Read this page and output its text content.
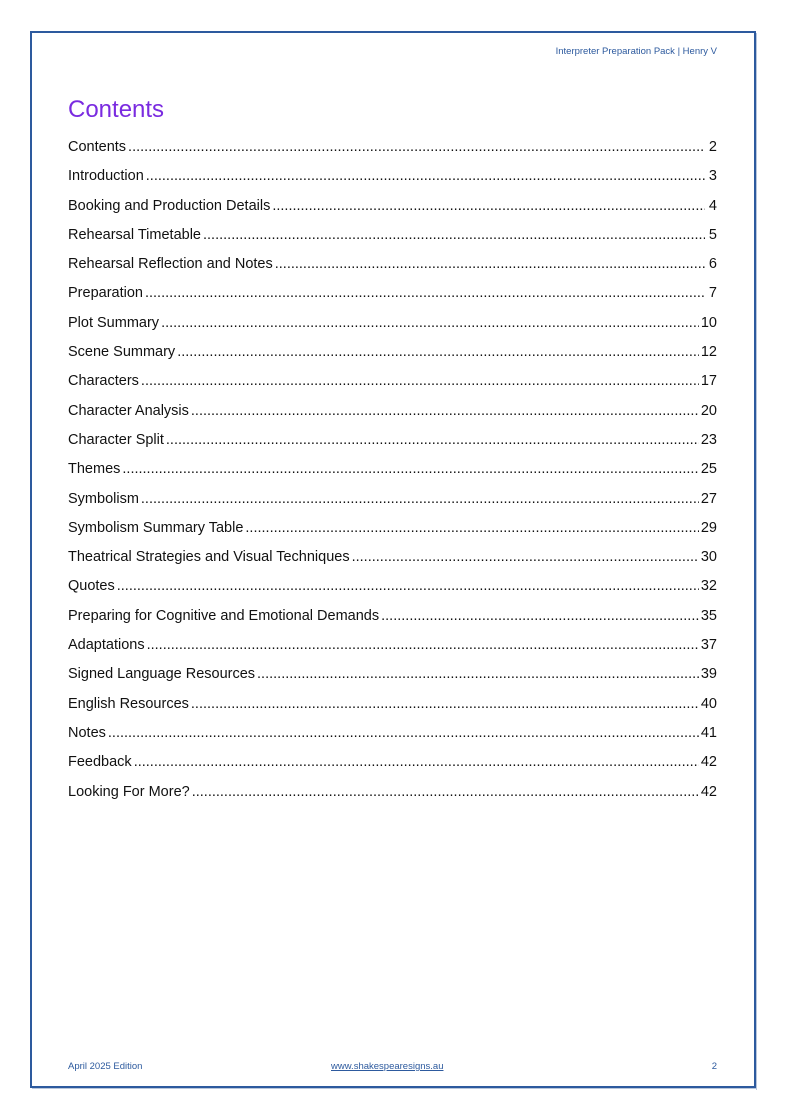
Interpreter Preparation Pack | Henry V
Contents
Contents .....	2
Introduction .....	3
Booking and Production Details .....	4
Rehearsal Timetable .....	5
Rehearsal Reflection and Notes .....	6
Preparation .....	7
Plot Summary .....	10
Scene Summary .....	12
Characters .....	17
Character Analysis .....	20
Character Split .....	23
Themes .....	25
Symbolism .....	27
Symbolism Summary Table .....	29
Theatrical Strategies and Visual Techniques .....	30
Quotes .....	32
Preparing for Cognitive and Emotional Demands .....	35
Adaptations .....	37
Signed Language Resources .....	39
English Resources .....	40
Notes .....	41
Feedback .....	42
Looking For More? .....	42
April 2025 Edition	www.shakespearesigns.au	2
